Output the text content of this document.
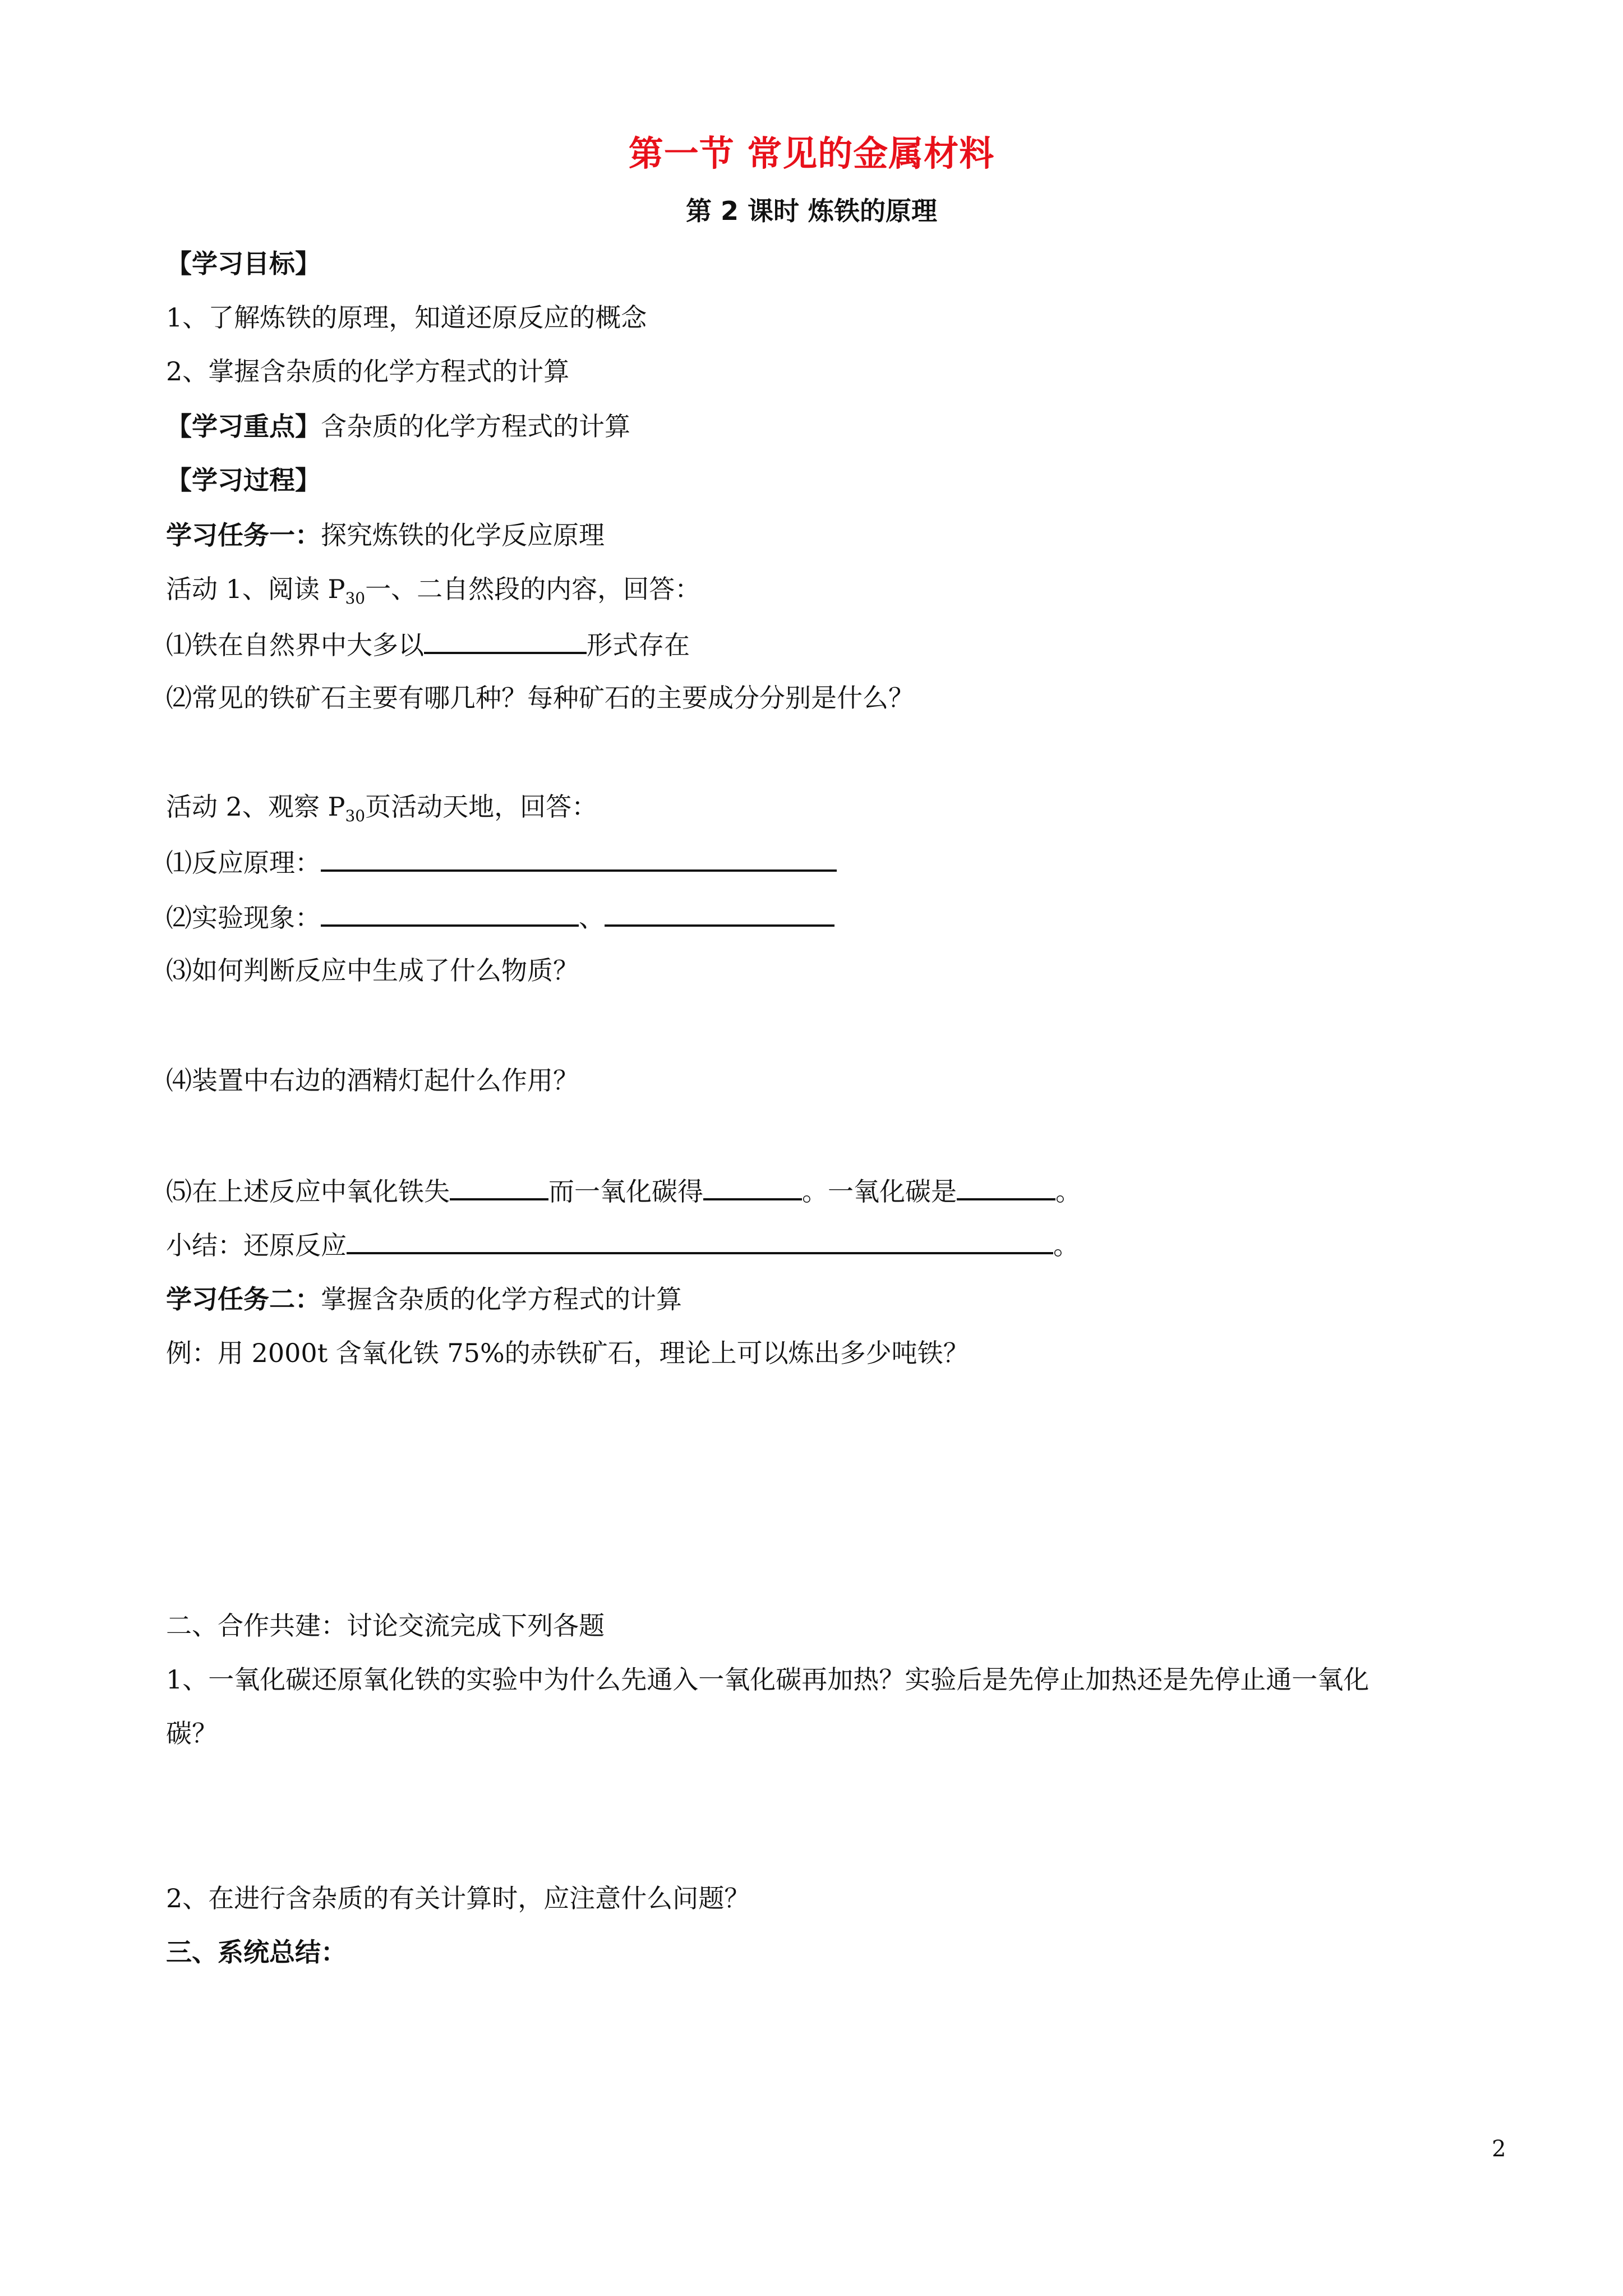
第一节 常见的金属材料
第 2 课时 炼铁的原理
【学习目标】
1、了解炼铁的原理，知道还原反应的概念
2、掌握含杂质的化学方程式的计算
【学习重点】含杂质的化学方程式的计算
【学习过程】
学习任务一：探究炼铁的化学反应原理
活动 1、阅读 $P_{30}$一、二自然段的内容，回答：
⑴铁在自然界中大多以	形式存在
⑵常见的铁矿石主要有哪几种？每种矿石的主要成分分别是什么？
活动 2、观察 $P_{30}$页活动天地，回答：
⑴反应原理：
⑵实验现象：	、
⑶如何判断反应中生成了什么物质？
⑷装置中右边的酒精灯起什么作用？
⑸在上述反应中氧化铁失	而一氧化碳得	。一氧化碳是	。
小结：还原反应	。
学习任务二：掌握含杂质的化学方程式的计算
例：用 2000t 含氧化铁 75%的赤铁矿石，理论上可以炼出多少吨铁？
二、合作共建：讨论交流完成下列各题
1、一氧化碳还原氧化铁的实验中为什么先通入一氧化碳再加热？实验后是先停止加热还是先停止通一氧化
碳？
2、在进行含杂质的有关计算时，应注意什么问题？
三、系统总结：
2
